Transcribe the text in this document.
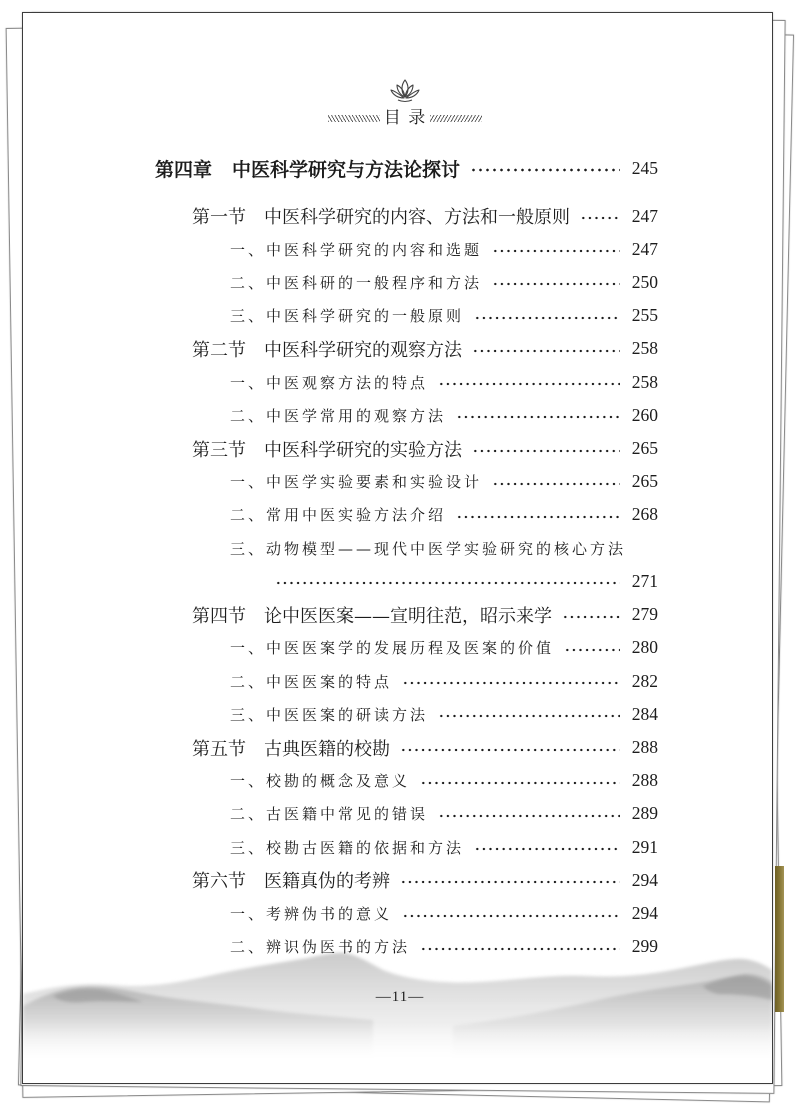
目 录
第四章 中医科学研究与方法论探讨	245
第一节 中医科学研究的内容、方法和一般原则	247
一、中医科学研究的内容和选题	247
二、中医科研的一般程序和方法	250
三、中医科学研究的一般原则	255
第二节 中医科学研究的观察方法	258
一、中医观察方法的特点	258
二、中医学常用的观察方法	260
第三节 中医科学研究的实验方法	265
一、中医学实验要素和实验设计	265
二、常用中医实验方法介绍	268
三、动物模型——现代中医学实验研究的核心方法
271
第四节 论中医医案——宣明往范，昭示来学	279
一、中医医案学的发展历程及医案的价值	280
二、中医医案的特点	282
三、中医医案的研读方法	284
第五节 古典医籍的校勘	288
一、校勘的概念及意义	288
二、古医籍中常见的错误	289
三、校勘古医籍的依据和方法	291
第六节 医籍真伪的考辨	294
一、考辨伪书的意义	294
二、辨识伪医书的方法	299
—11—
